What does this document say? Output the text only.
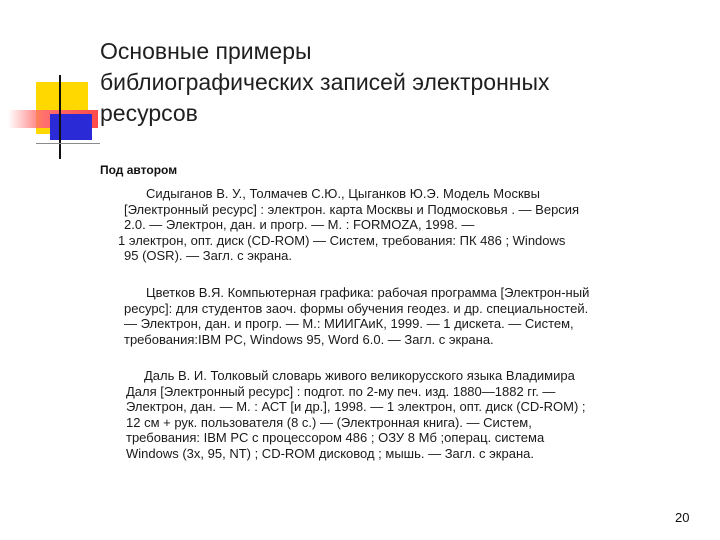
Основные примеры
библиографических записей электронных
ресурсов

Под автором

Сидыганов В. У., Толмачев С.Ю., Цыганков Ю.Э. Модель Москвы
[Электронный ресурс] : электрон. карта Москвы и Подмосковья . — Версия
2.0. — Электрон, дан. и прогр. — М. : FORMOZA, 1998. —
1 электрон, опт. диск (CD-ROM) — Систем, требования: ПК 486 ; Windows
95 (OSR). — Загл. с экрана.
Цветков В.Я. Компьютерная графика: рабочая программа [Электрон-ный
ресурс]: для студентов заоч. формы обучения геодез. и др. специальностей.
— Электрон, дан. и прогр. — М.: МИИГАиК, 1999. — 1 дискета. — Систем,
требования:IBM PC, Windows 95, Word 6.0. — Загл. с экрана.
Даль В. И. Толковый словарь живого великорусского языка Владимира
Даля [Электронный ресурс] : подгот. по 2-му печ. изд. 1880—1882 гг. —
Электрон, дан. — М. : АСТ [и др.], 1998. — 1 электрон, опт. диск (CD-ROM) ;
12 см + рук. пользователя (8 с.) — (Электронная книга). — Систем,
требования: IBM PC с процессором 486 ; ОЗУ 8 Мб ;операц. система
Windows (3х, 95, NT) ; CD-ROM дисковод ; мышь. — Загл. с экрана.
20
